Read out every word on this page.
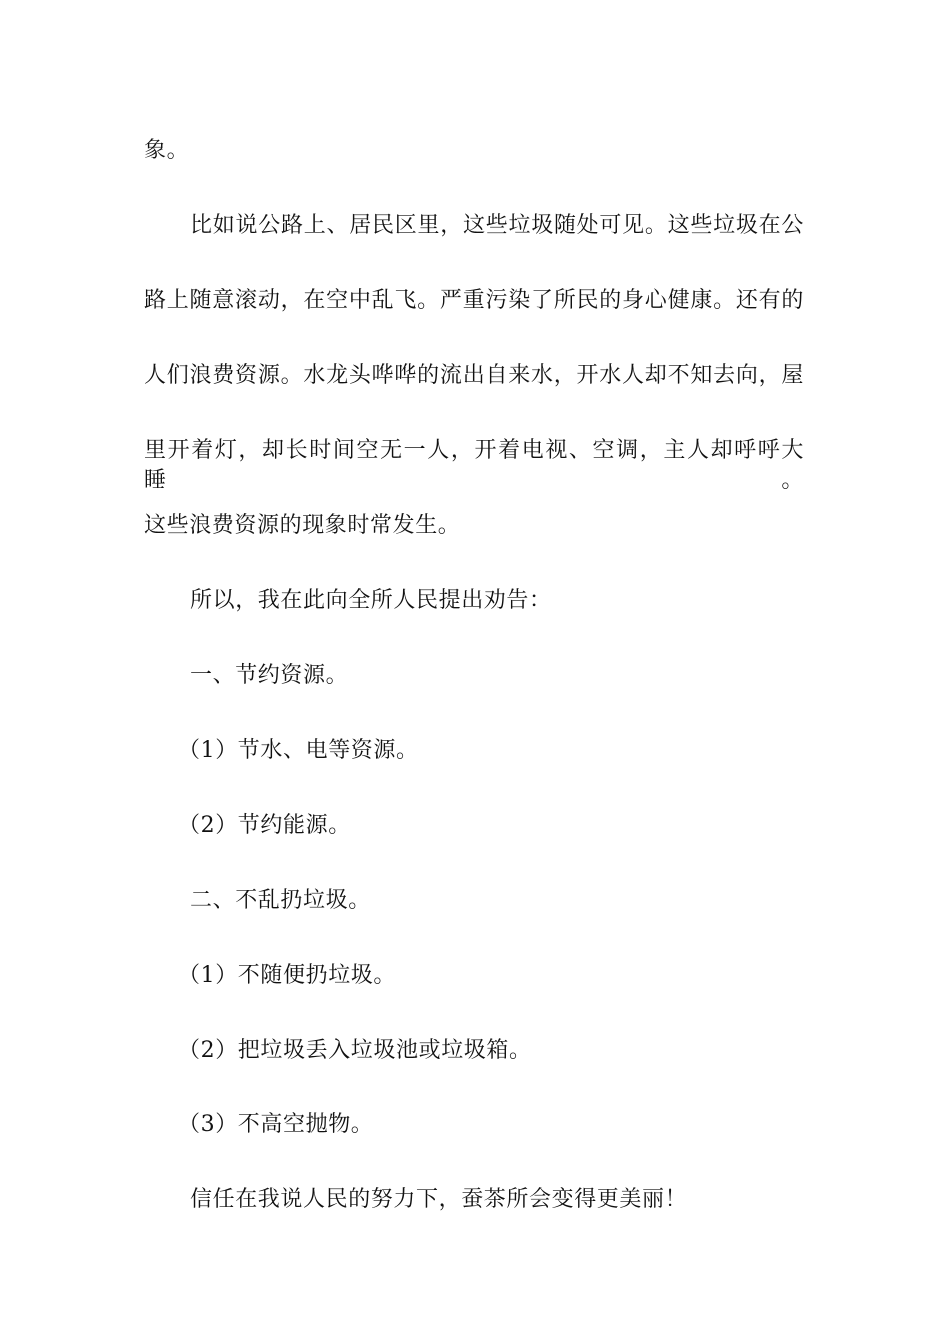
象。
比如说公路上、居民区里，这些垃圾随处可见。这些垃圾在公
路上随意滚动，在空中乱飞。严重污染了所民的身心健康。还有的
人们浪费资源。水龙头哗哗的流出自来水，开水人却不知去向，屋
里开着灯，却长时间空无一人，开着电视、空调，主人却呼呼大睡。
这些浪费资源的现象时常发生。
所以，我在此向全所人民提出劝告：
一、节约资源。
（1）节水、电等资源。
（2）节约能源。
二、不乱扔垃圾。
（1）不随便扔垃圾。
（2）把垃圾丢入垃圾池或垃圾箱。
（3）不高空抛物。
信任在我说人民的努力下，蚕茶所会变得更美丽！
